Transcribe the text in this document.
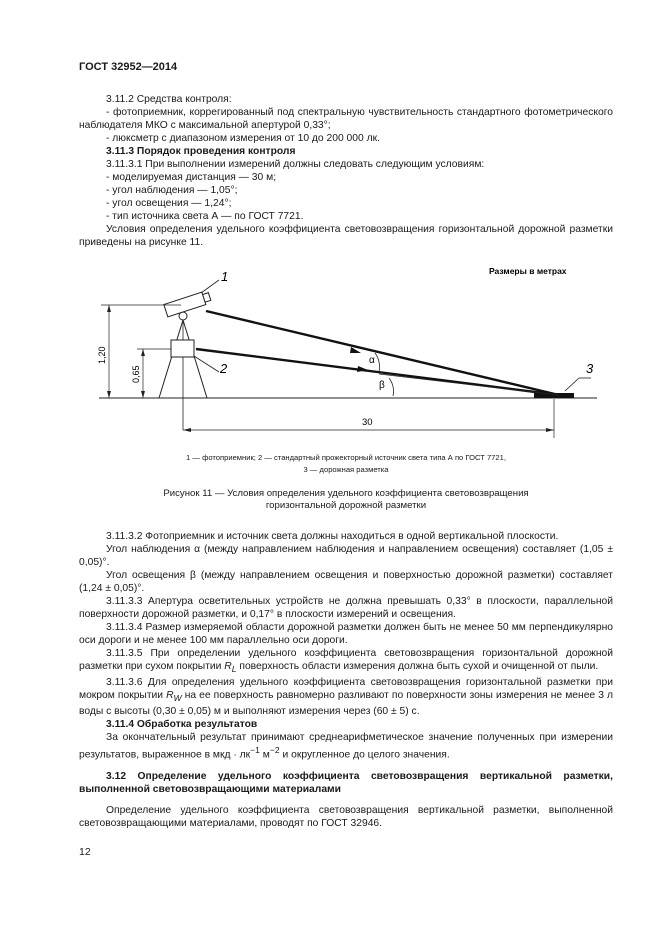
ГОСТ 32952—2014

3.11.2 Средства контроля:

- фотоприемник, коррегированный под спектральную чувствительность стандартного фотометрического наблюдателя МКО с максимальной апертурой 0,33°;

- люксметр с диапазоном измерения от 10 до 200 000 лк.

3.11.3 Порядок проведения контроля

3.11.3.1 При выполнении измерений должны следовать следующим условиям:

- моделируемая дистанция — 30 м;

- угол наблюдения — 1,05°;

- угол освещения — 1,24°;

- тип источника света А — по ГОСТ 7721.

Условия определения удельного коэффициента световозвращения горизонтальной дорожной разметки приведены на рисунке 11.

Размеры в метрах
α
β
1
2	3
1,20
0,65
30
1 — фотоприемник; 2 — стандартный прожекторный источник света типа А по ГОСТ 7721,
3 — дорожная разметка
Рисунок 11 — Условия определения удельного коэффициента световозвращения
горизонтальной дорожной разметки

3.11.3.2 Фотоприемник и источник света должны находиться в одной вертикальной плоскости.

Угол наблюдения α (между направлением наблюдения и направлением освещения) составляет (1,05 ± 0,05)°.

Угол освещения β (между направлением освещения и поверхностью дорожной разметки) составляет (1,24 ± 0,05)°.

3.11.3.3 Апертура осветительных устройств не должна превышать 0,33° в плоскости, параллельной поверхности дорожной разметки, и 0,17° в плоскости измерений и освещения.

3.11.3.4 Размер измеряемой области дорожной разметки должен быть не менее 50 мм перпендикулярно оси дороги и не менее 100 мм параллельно оси дороги.

3.11.3.5 При определении удельного коэффициента световозвращения горизонтальной дорожной разметки при сухом покрытии $R_L$ поверхность области измерения должна быть сухой и очищенной от пыли.

3.11.3.6 Для определения удельного коэффициента световозвращения горизонтальной разметки при мокром покрытии $R_W$ на ее поверхность равномерно разливают по поверхности зоны измерения не менее 3 л воды с высоты (0,30 ± 0,05) м и выполняют измерения через (60 ± 5) с.

3.11.4 Обработка результатов

За окончательный результат принимают среднеарифметическое значение полученных при измерении результатов, выраженное в мкд · $лк^{-1}$ $м^{-2}$ и округленное до целого значения.

3.12 Определение удельного коэффициента световозвращения вертикальной разметки, выполненной световозвращающими материалами

Определение удельного коэффициента световозвращения вертикальной разметки, выполненной световозвращающими материалами, проводят по ГОСТ 32946.

12
